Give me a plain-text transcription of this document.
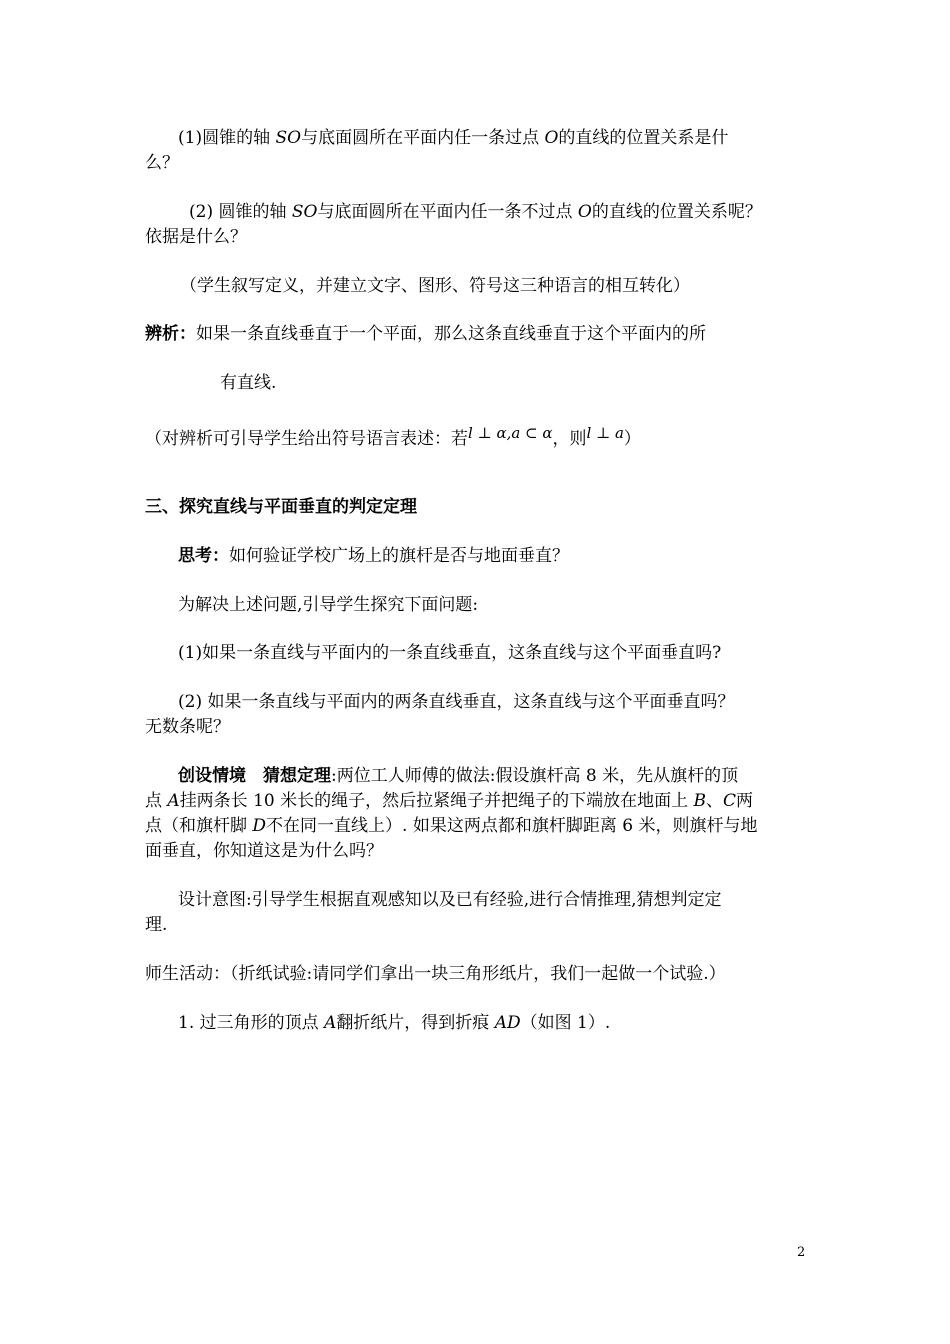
(1)圆锥的轴 SO与底面圆所在平面内任一条过点 O的直线的位置关系是什
么？
(2) 圆锥的轴 SO与底面圆所在平面内任一条不过点 O的直线的位置关系呢？
依据是什么？
（学生叙写定义，并建立文字、图形、符号这三种语言的相互转化）
辨析：如果一条直线垂直于一个平面，那么这条直线垂直于这个平面内的所
有直线.
（对辨析可引导学生给出符号语言表述：若l ⊥ α,a ⊂ α，则l ⊥ a）
三、探究直线与平面垂直的判定定理
思考：如何验证学校广场上的旗杆是否与地面垂直？
为解决上述问题,引导学生探究下面问题:
(1)如果一条直线与平面内的一条直线垂直，这条直线与这个平面垂直吗?
(2) 如果一条直线与平面内的两条直线垂直，这条直线与这个平面垂直吗？
无数条呢？
创设情境　猜想定理:两位工人师傅的做法:假设旗杆高 8 米，先从旗杆的顶
点 A挂两条长 10 米长的绳子，然后拉紧绳子并把绳子的下端放在地面上 B、C两
点（和旗杆脚 D不在同一直线上）. 如果这两点都和旗杆脚距离 6 米，则旗杆与地
面垂直，你知道这是为什么吗？
设计意图:引导学生根据直观感知以及已有经验,进行合情推理,猜想判定定
理.
师生活动：（折纸试验:请同学们拿出一块三角形纸片，我们一起做一个试验.）
1. 过三角形的顶点 A翻折纸片，得到折痕 AD（如图 1）.
2
